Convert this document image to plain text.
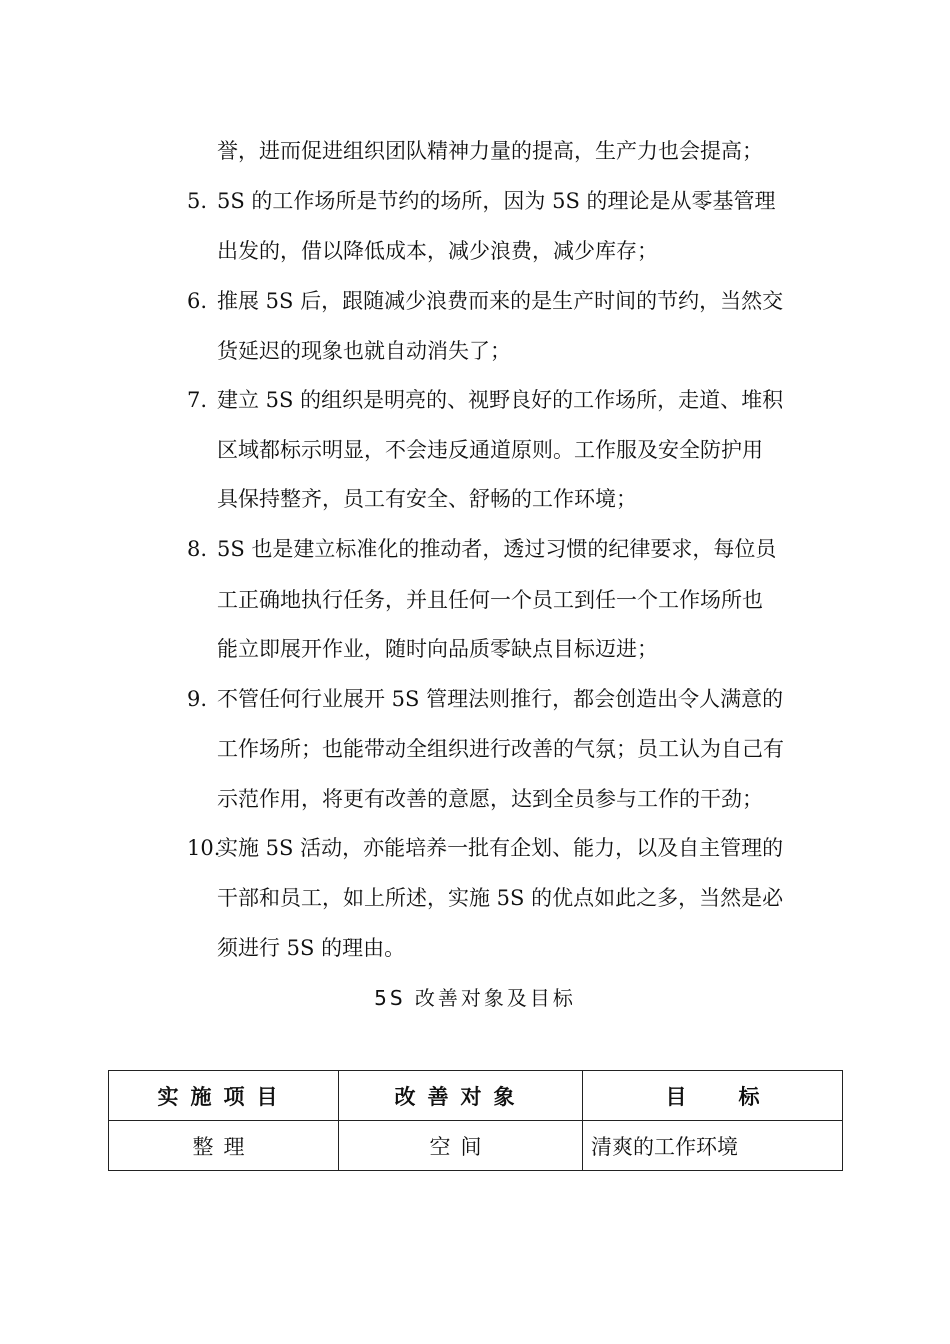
誉，进而促进组织团队精神力量的提高，生产力也会提高；
5. 5S 的工作场所是节约的场所，因为 5S 的理论是从零基管理
出发的，借以降低成本，减少浪费，减少库存；
6. 推展 5S 后，跟随减少浪费而来的是生产时间的节约，当然交
货延迟的现象也就自动消失了；
7. 建立 5S 的组织是明亮的、视野良好的工作场所，走道、堆积
区域都标示明显，不会违反通道原则。工作服及安全防护用
具保持整齐，员工有安全、舒畅的工作环境；
8. 5S 也是建立标准化的推动者，透过习惯的纪律要求，每位员
工正确地执行任务，并且任何一个员工到任一个工作场所也
能立即展开作业，随时向品质零缺点目标迈进；
9. 不管任何行业展开 5S 管理法则推行，都会创造出令人满意的
工作场所；也能带动全组织进行改善的气氛；员工认为自己有
示范作用，将更有改善的意愿，达到全员参与工作的干劲；
10.
实施 5S 活动，亦能培养一批有企划、能力，以及自主管理的
干部和员工，如上所述，实施 5S 的优点如此之多，当然是必
须进行 5S 的理由。
5S 改善对象及目标
实施项目	改善对象	目 标
整理	空间	清爽的工作环境
